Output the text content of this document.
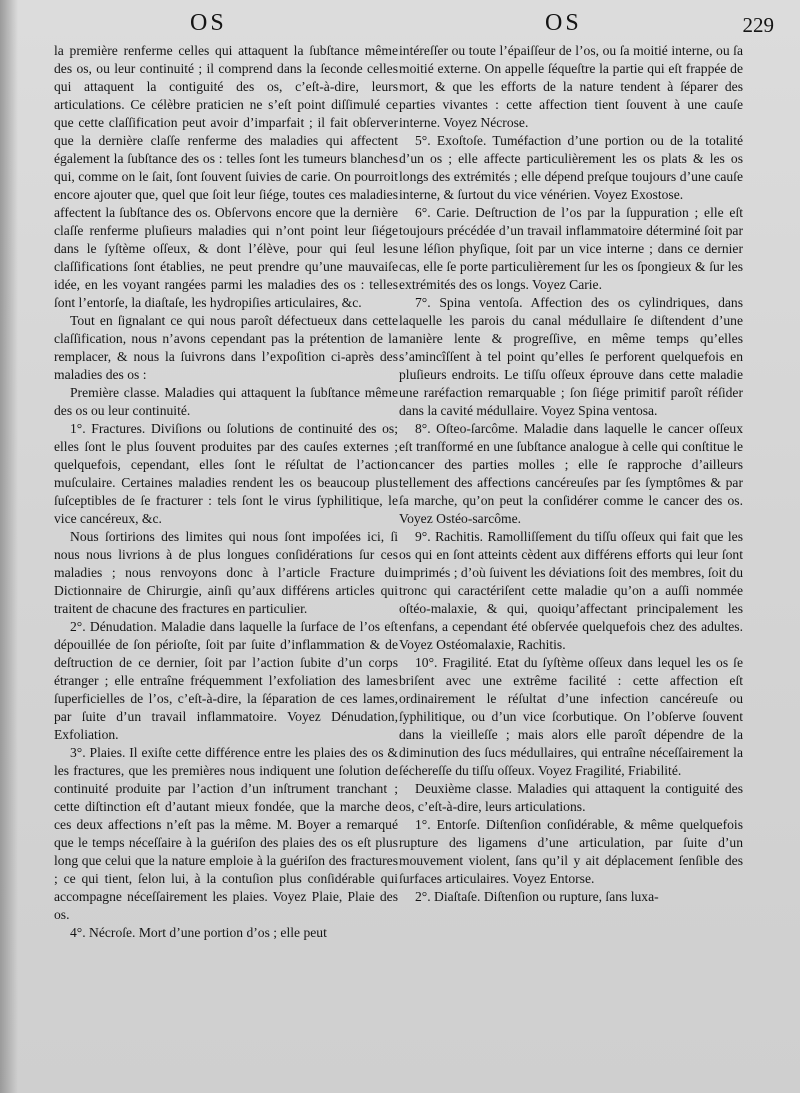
OS	OS	229

la première renferme celles qui attaquent la ſubſtance même des os, ou leur continuité ; il comprend dans la ſeconde celles qui attaquent la contiguité des os, c’eſt-à-dire, leurs articulations. Ce célèbre praticien ne s’eſt point diſſimulé ce que cette claſſification peut avoir d’imparfait ; il fait obſerver que la dernière claſſe renferme des maladies qui affectent également la ſubſtance des os : telles ſont les tumeurs blanches qui, comme on le ſait, ſont ſouvent ſuivies de carie. On pourroit encore ajouter que, quel que ſoit leur ſiége, toutes ces maladies affectent la ſubſtance des os. Obſervons encore que la dernière claſſe renferme pluſieurs maladies qui n’ont point leur ſiége dans le ſyſtème oſſeux, & dont l’élève, pour qui ſeul les claſſifications ſont établies, ne peut prendre qu’une mauvaiſe idée, en les voyant rangées parmi les maladies des os : telles ſont l’entorſe, la diaſtaſe, les hydropiſies articulaires, &c.

Tout en ſignalant ce qui nous paroît défectueux dans cette claſſification, nous n’avons cependant pas la prétention de la remplacer, & nous la ſuivrons dans l’expoſition ci-après des maladies des os :

Première classe. Maladies qui attaquent la ſubſtance même des os ou leur continuité.

1°. Fractures. Diviſions ou ſolutions de continuité des os; elles ſont le plus ſouvent produites par des cauſes externes ; quelquefois, cependant, elles ſont le réſultat de l’action muſculaire. Certaines maladies rendent les os beaucoup plus ſuſceptibles de ſe fracturer : tels ſont le virus ſyphilitique, le vice cancéreux, &c.

Nous ſortirions des limites qui nous ſont impoſées ici, ſi nous nous livrions à de plus longues conſidérations ſur ces maladies ; nous renvoyons donc à l’article Fracture du Dictionnaire de Chirurgie, ainſi qu’aux différens articles qui traitent de chacune des fractures en particulier.

2°. Dénudation. Maladie dans laquelle la ſurface de l’os eſt dépouillée de ſon périoſte, ſoit par ſuite d’inflammation & de deſtruction de ce dernier, ſoit par l’action ſubite d’un corps étranger ; elle entraîne fréquemment l’exfoliation des lames ſuperficielles de l’os, c’eſt-à-dire, la ſéparation de ces lames, par ſuite d’un travail inflammatoire. Voyez Dénudation, Exfoliation.

3°. Plaies. Il exiſte cette différence entre les plaies des os & les fractures, que les premières nous indiquent une ſolution de continuité produite par l’action d’un inſtrument tranchant ; cette diſtinction eſt d’autant mieux fondée, que la marche de ces deux affections n’eſt pas la même. M. Boyer a remarqué que le temps néceſſaire à la guériſon des plaies des os eſt plus long que celui que la nature emploie à la guériſon des fractures ; ce qui tient, ſelon lui, à la contuſion plus conſidérable qui accompagne néceſſairement les plaies. Voyez Plaie, Plaie des os.

4°. Nécroſe. Mort d’une portion d’os ; elle peut

intéreſſer ou toute l’épaiſſeur de l’os, ou ſa moitié interne, ou ſa moitié externe. On appelle ſéqueſtre la partie qui eſt frappée de mort, & que les efforts de la nature tendent à ſéparer des parties vivantes : cette affection tient ſouvent à une cauſe interne. Voyez Nécrose.

5°. Exoſtoſe. Tuméfaction d’une portion ou de la totalité d’un os ; elle affecte particulièrement les os plats & les os longs des extrémités ; elle dépend preſque toujours d’une cauſe interne, & ſurtout du vice vénérien. Voyez Exostose.

6°. Carie. Deſtruction de l’os par la ſuppuration ; elle eſt toujours précédée d’un travail inflammatoire déterminé ſoit par une léſion phyſique, ſoit par un vice interne ; dans ce dernier cas, elle ſe porte particulièrement ſur les os ſpongieux & ſur les extrémités des os longs. Voyez Carie.

7°. Spina ventoſa. Affection des os cylindriques, dans laquelle les parois du canal médullaire ſe diſtendent d’une manière lente & progreſſive, en même temps qu’elles s’amincîſſent à tel point qu’elles ſe perforent quelquefois en pluſieurs endroits. Le tiſſu oſſeux éprouve dans cette maladie une raréfaction remarquable ; ſon ſiége primitif paroît réſider dans la cavité médullaire. Voyez Spina ventosa.

8°. Oſteo-ſarcôme. Maladie dans laquelle le cancer oſſeux eſt tranſformé en une ſubſtance analogue à celle qui conſtitue le cancer des parties molles ; elle ſe rapproche d’ailleurs tellement des affections cancéreuſes par ſes ſymptômes & par ſa marche, qu’on peut la conſidérer comme le cancer des os. Voyez Ostéo-sarcôme.

9°. Rachitis. Ramolliſſement du tiſſu oſſeux qui fait que les os qui en ſont atteints cèdent aux différens efforts qui leur ſont imprimés ; d’où ſuivent les déviations ſoit des membres, ſoit du tronc qui caractériſent cette maladie qu’on a auſſi nommée oſtéo-malaxie, & qui, quoiqu’affectant principalement les enfans, a cependant été obſervée quelquefois chez des adultes. Voyez Ostéomalaxie, Rachitis.

10°. Fragilité. Etat du ſyſtème oſſeux dans lequel les os ſe briſent avec une extrême facilité : cette affection eſt ordinairement le réſultat d’une infection cancéreuſe ou ſyphilitique, ou d’un vice ſcorbutique. On l’obſerve ſouvent dans la vieilleſſe ; mais alors elle paroît dépendre de la diminution des ſucs médullaires, qui entraîne néceſſairement la ſéchereſſe du tiſſu oſſeux. Voyez Fragilité, Friabilité.

Deuxième classe. Maladies qui attaquent la contiguité des os, c’eſt-à-dire, leurs articulations.

1°. Entorſe. Diſtenſion conſidérable, & même quelquefois rupture des ligamens d’une articulation, par ſuite d’un mouvement violent, ſans qu’il y ait déplacement ſenſible des ſurfaces articulaires. Voyez Entorse.

2°. Diaſtaſe. Diſtenſion ou rupture, ſans luxa-
